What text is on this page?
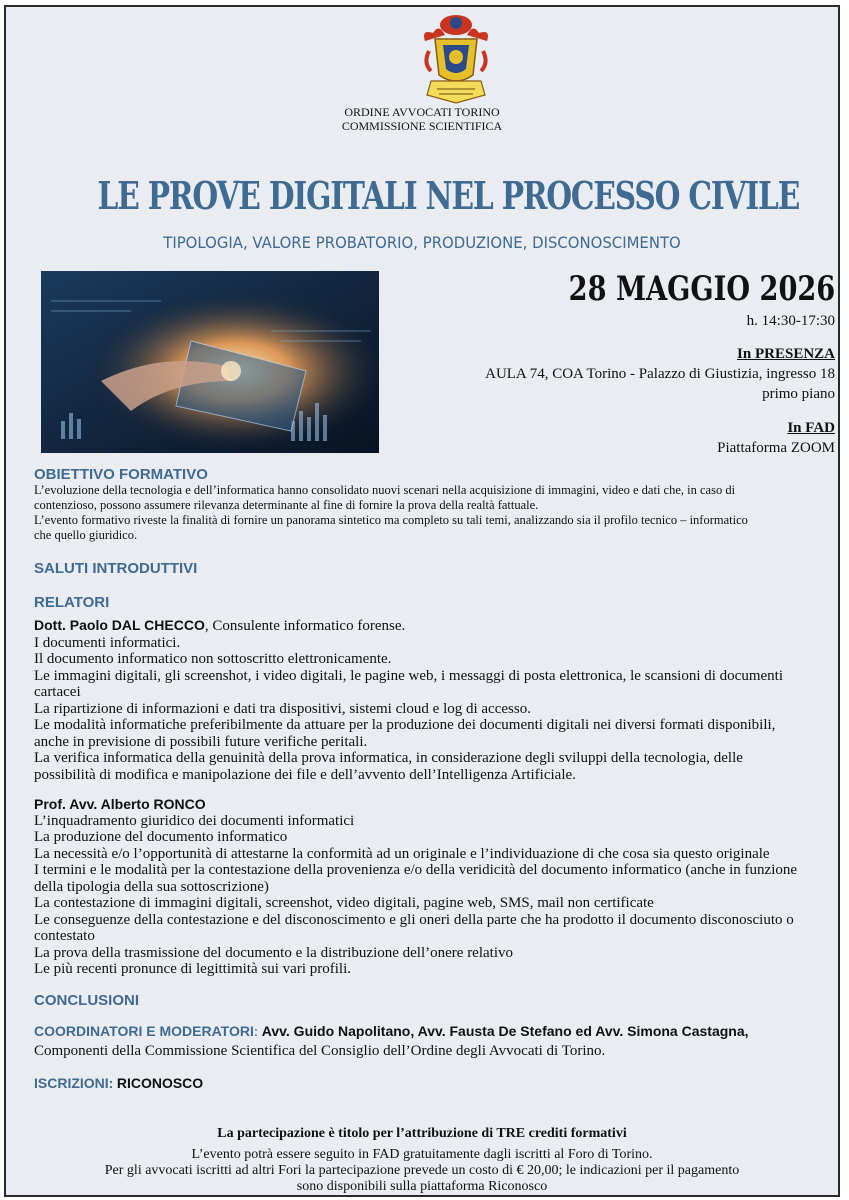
ORDINE AVVOCATI TORINO
COMMISSIONE SCIENTIFICA
LE PROVE DIGITALI NEL PROCESSO CIVILE
TIPOLOGIA, VALORE PROBATORIO, PRODUZIONE, DISCONOSCIMENTO
28 MAGGIO 2026
h. 14:30-17:30
In PRESENZA
AULA 74, COA Torino - Palazzo di Giustizia, ingresso 18
primo piano
In FAD
Piattaforma ZOOM
OBIETTIVO FORMATIVO
L’evoluzione della tecnologia e dell’informatica hanno consolidato nuovi scenari nella acquisizione di immagini, video e dati che, in caso di
contenzioso, possono assumere rilevanza determinante al fine di fornire la prova della realtà fattuale.
L’evento formativo riveste la finalità di fornire un panorama sintetico ma completo su tali temi, analizzando sia il profilo tecnico – informatico
che quello giuridico.
SALUTI INTRODUTTIVI
RELATORI
Dott. Paolo DAL CHECCO, Consulente informatico forense.
I documenti informatici.
Il documento informatico non sottoscritto elettronicamente.
Le immagini digitali, gli screenshot, i video digitali, le pagine web, i messaggi di posta elettronica, le scansioni di documenti
cartacei
La ripartizione di informazioni e dati tra dispositivi, sistemi cloud e log di accesso.
Le modalità informatiche preferibilmente da attuare per la produzione dei documenti digitali nei diversi formati disponibili,
anche in previsione di possibili future verifiche peritali.
La verifica informatica della genuinità della prova informatica, in considerazione degli sviluppi della tecnologia, delle
possibilità di modifica e manipolazione dei file e dell’avvento dell’Intelligenza Artificiale.
Prof. Avv. Alberto RONCO
L’inquadramento giuridico dei documenti informatici
La produzione del documento informatico
La necessità e/o l’opportunità di attestarne la conformità ad un originale e l’individuazione di che cosa sia questo originale
I termini e le modalità per la contestazione della provenienza e/o della veridicità del documento informatico (anche in funzione
della tipologia della sua sottoscrizione)
La contestazione di immagini digitali, screenshot, video digitali, pagine web, SMS, mail non certificate
Le conseguenze della contestazione e del disconoscimento e gli oneri della parte che ha prodotto il documento disconosciuto o
contestato
La prova della trasmissione del documento e la distribuzione dell’onere relativo
Le più recenti pronunce di legittimità sui vari profili.
CONCLUSIONI
COORDINATORI E MODERATORI: Avv. Guido Napolitano, Avv. Fausta De Stefano ed Avv. Simona Castagna,
Componenti della Commissione Scientifica del Consiglio dell’Ordine degli Avvocati di Torino.
ISCRIZIONI: RICONOSCO
La partecipazione è titolo per l’attribuzione di TRE crediti formativi
L’evento potrà essere seguito in FAD gratuitamente dagli iscritti al Foro di Torino.
Per gli avvocati iscritti ad altri Fori la partecipazione prevede un costo di € 20,00; le indicazioni per il pagamento
sono disponibili sulla piattaforma Riconosco
